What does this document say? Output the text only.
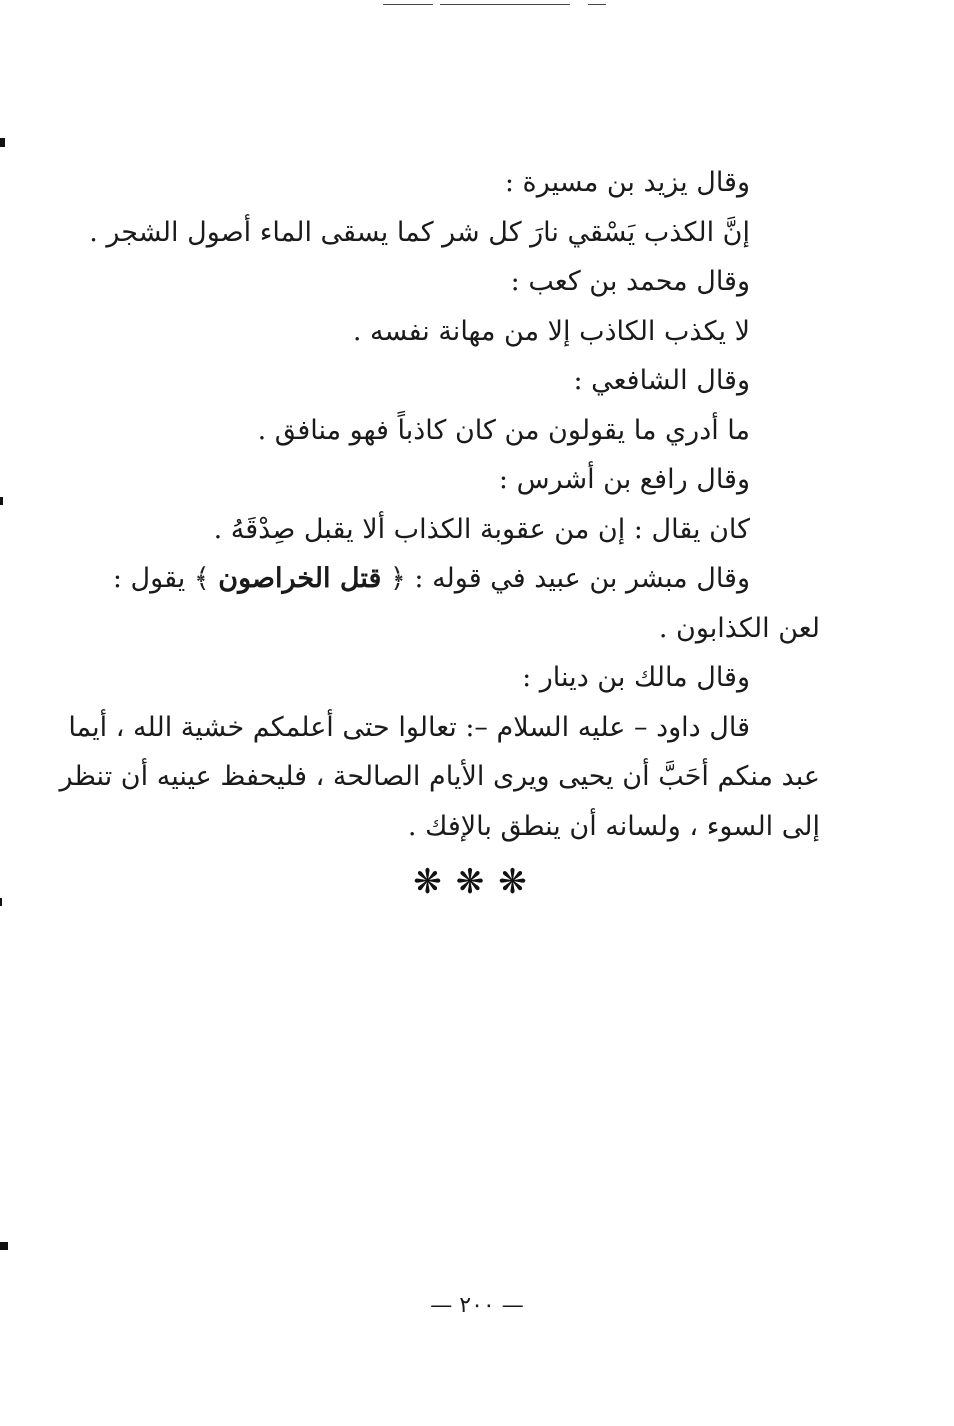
وقال يزيد بن مسيرة :
إنَّ الكذب يَسْقي نارَ كل شر كما يسقى الماء أصول الشجر .
وقال محمد بن كعب :
لا يكذب الكاذب إلا من مهانة نفسه .
وقال الشافعي :
ما أدري ما يقولون من كان كاذباً فهو منافق .
وقال رافع بن أشرس :
كان يقال : إن من عقوبة الكذاب ألا يقبل صِدْقَهُ .
وقال مبشر بن عبيد في قوله : ﴿ قتل الخراصون ﴾ يقول :
لعن الكذابون .
وقال مالك بن دينار :
قال داود – عليه السلام –: تعالوا حتى أعلمكم خشية الله ، أيما
عبد منكم أحَبَّ أن يحيى ويرى الأيام الصالحة ، فليحفظ عينيه أن تنظر
إلى السوء ، ولسانه أن ينطق بالإفك .
❋❋❋
— ٢٠٠ —
